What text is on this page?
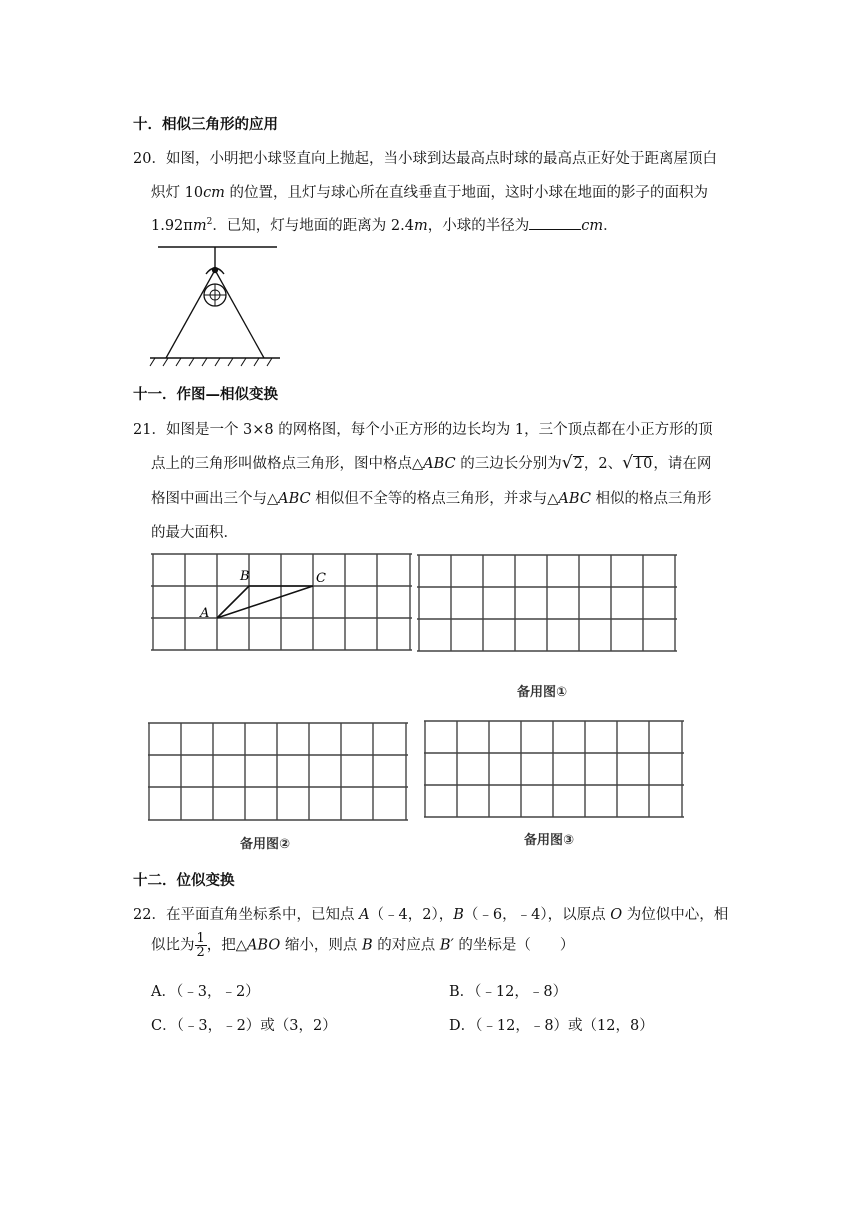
十．相似三角形的应用
20．如图，小明把小球竖直向上抛起，当小球到达最高点时球的最高点正好处于距离屋顶白
炽灯 10cm 的位置，且灯与球心所在直线垂直于地面，这时小球在地面的影子的面积为
$1.92\pi m^2$．已知，灯与地面的距离为 2.4m，小球的半径为	cm．
十一．作图—相似变换
21．如图是一个 3×8 的网格图，每个小正方形的边长均为 1，三个顶点都在小正方形的顶
点上的三角形叫做格点三角形，图中格点△ABC 的三边长分别为√2，2、√10，请在网
格图中画出三个与△ABC 相似但不全等的格点三角形，并求与△ABC 相似的格点三角形
的最大面积．
A
B	C
备用图①
备用图②	备用图③
十二．位似变换
22．在平面直角坐标系中，已知点 A（﹣4，2），B（﹣6，﹣4），以原点 O 为位似中心，相
似比为 $\frac{1}{2}$ ，把△ABO 缩小，则点 B 的对应点 B′ 的坐标是（　　）
A．（﹣3，﹣2）	B．（﹣12，﹣8）
C．（﹣3，﹣2）或（3，2）	D．（﹣12，﹣8）或（12，8）
